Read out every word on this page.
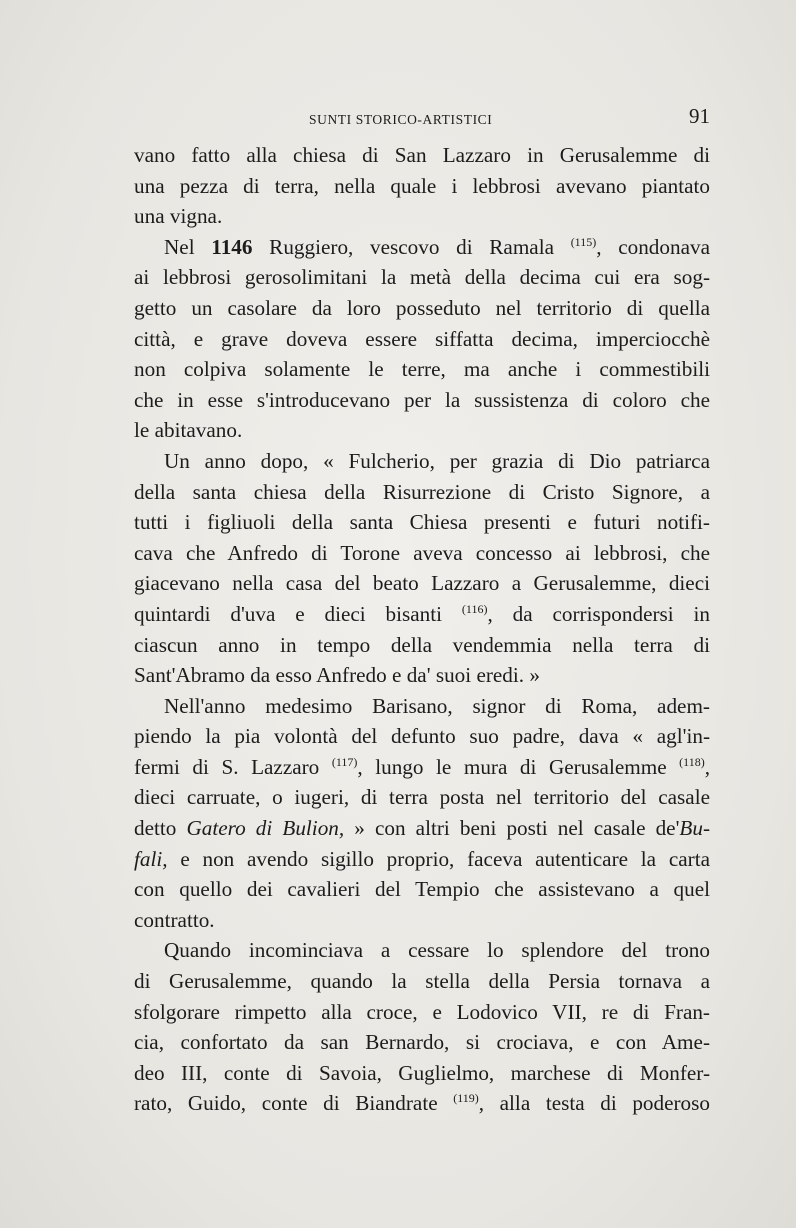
SUNTI STORICO-ARTISTICI	91
vano fatto alla chiesa di San Lazzaro in Gerusalemme di
una pezza di terra, nella quale i lebbrosi avevano piantato
una vigna.
Nel 1146 Ruggiero, vescovo di Ramala $^{(115)}$, condonava
ai lebbrosi gerosolimitani la metà della decima cui era sog-
getto un casolare da loro posseduto nel territorio di quella
città, e grave doveva essere siffatta decima, imperciocchè
non colpiva solamente le terre, ma anche i commestibili
che in esse s'introducevano per la sussistenza di coloro che
le abitavano.
Un anno dopo, « Fulcherio, per grazia di Dio patriarca
della santa chiesa della Risurrezione di Cristo Signore, a
tutti i figliuoli della santa Chiesa presenti e futuri notifi-
cava che Anfredo di Torone aveva concesso ai lebbrosi, che
giacevano nella casa del beato Lazzaro a Gerusalemme, dieci
quintardi d'uva e dieci bisanti $^{(116)}$, da corrispondersi in
ciascun anno in tempo della vendemmia nella terra di
Sant'Abramo da esso Anfredo e da' suoi eredi. »
Nell'anno medesimo Barisano, signor di Roma, adem-
piendo la pia volontà del defunto suo padre, dava « agl'in-
fermi di S. Lazzaro $^{(117)}$, lungo le mura di Gerusalemme $^{(118)}$,
dieci carruate, o iugeri, di terra posta nel territorio del casale
detto Gatero di Bulion, » con altri beni posti nel casale de'Bu-
fali, e non avendo sigillo proprio, faceva autenticare la carta
con quello dei cavalieri del Tempio che assistevano a quel
contratto.
Quando incominciava a cessare lo splendore del trono
di Gerusalemme, quando la stella della Persia tornava a
sfolgorare rimpetto alla croce, e Lodovico VII, re di Fran-
cia, confortato da san Bernardo, si crociava, e con Ame-
deo III, conte di Savoia, Guglielmo, marchese di Monfer-
rato, Guido, conte di Biandrate $^{(119)}$, alla testa di poderoso
